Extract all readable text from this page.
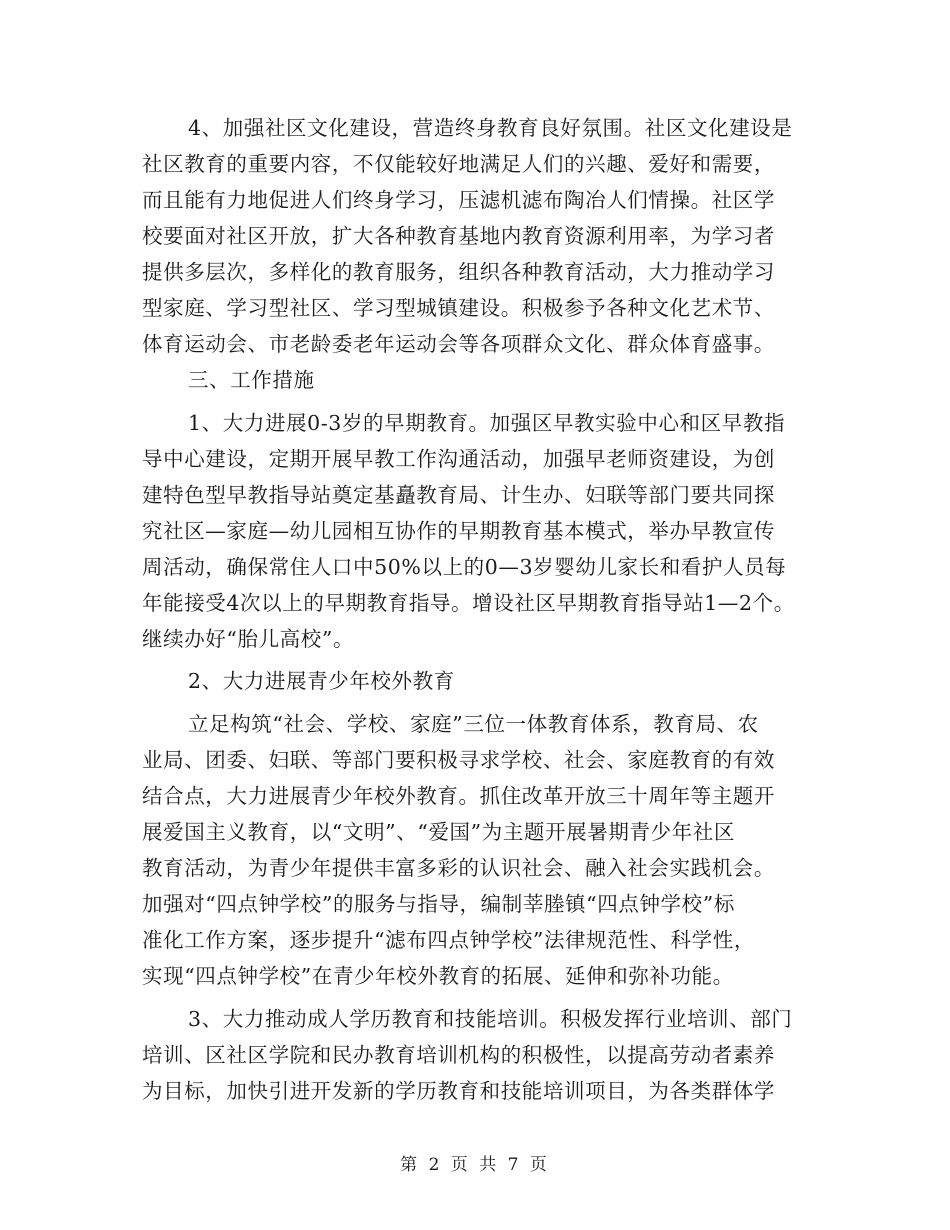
4、加强社区文化建设，营造终身教育良好氛围。社区文化建设是
社区教育的重要内容，不仅能较好地满足人们的兴趣、爱好和需要，
而且能有力地促进人们终身学习，压滤机滤布陶冶人们情操。社区学
校要面对社区开放，扩大各种教育基地内教育资源利用率，为学习者
提供多层次，多样化的教育服务，组织各种教育活动，大力推动学习
型家庭、学习型社区、学习型城镇建设。积极参予各种文化艺术节、
体育运动会、市老龄委老年运动会等各项群众文化、群众体育盛事。
三、工作措施
1、大力进展0-3岁的早期教育。加强区早教实验中心和区早教指
导中心建设，定期开展早教工作沟通活动，加强早老师资建设，为创
建特色型早教指导站奠定基矗教育局、计生办、妇联等部门要共同探
究社区—家庭—幼儿园相互协作的早期教育基本模式，举办早教宣传
周活动，确保常住人口中50%以上的0—3岁婴幼儿家长和看护人员每
年能接受4次以上的早期教育指导。增设社区早期教育指导站1—2个。
继续办好“胎儿高校”。
2、大力进展青少年校外教育
立足构筑“社会、学校、家庭”三位一体教育体系，教育局、农
业局、团委、妇联、等部门要积极寻求学校、社会、家庭教育的有效
结合点，大力进展青少年校外教育。抓住改革开放三十周年等主题开
展爱国主义教育，以“文明”、“爱国”为主题开展暑期青少年社区
教育活动，为青少年提供丰富多彩的认识社会、融入社会实践机会。
加强对“四点钟学校”的服务与指导，编制莘塍镇“四点钟学校”标
准化工作方案，逐步提升“滤布四点钟学校”法律规范性、科学性，
实现“四点钟学校”在青少年校外教育的拓展、延伸和弥补功能。
3、大力推动成人学历教育和技能培训。积极发挥行业培训、部门
培训、区社区学院和民办教育培训机构的积极性，以提高劳动者素养
为目标，加快引进开发新的学历教育和技能培训项目，为各类群体学
第 2 页 共 7 页
